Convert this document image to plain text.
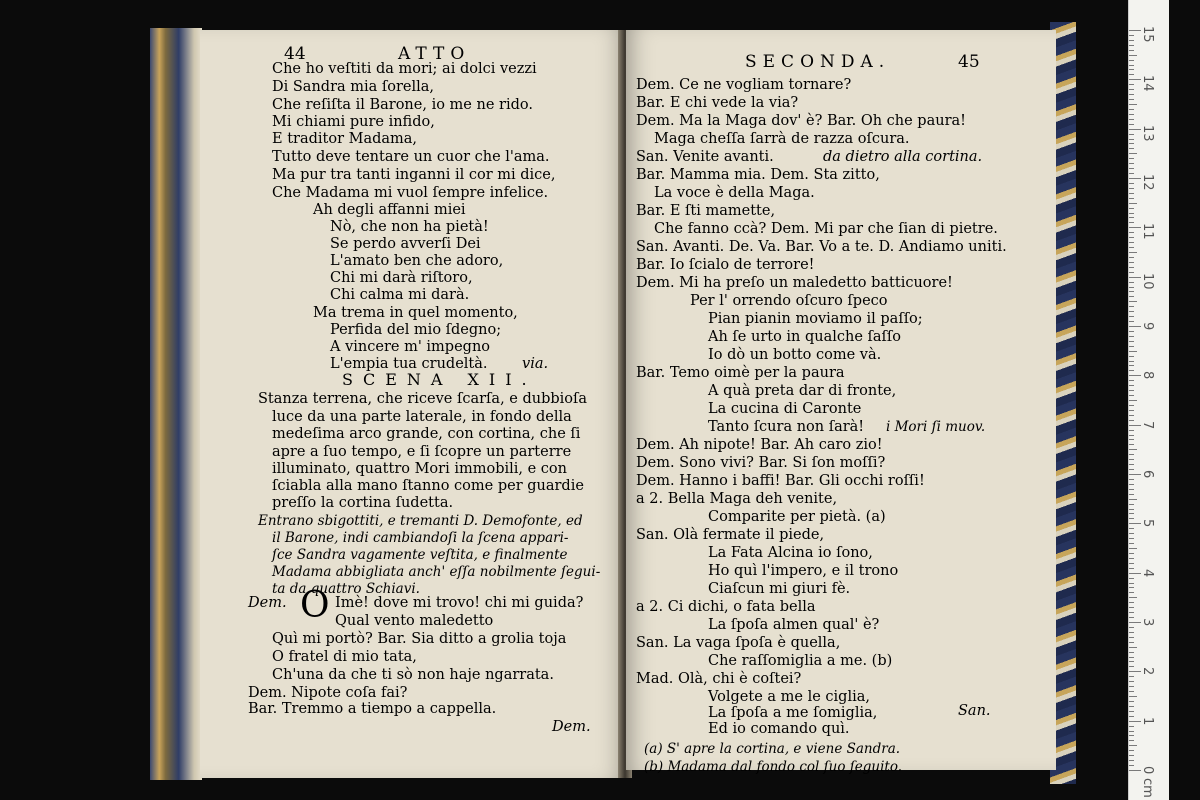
44	ATTO
Che ho veſtiti da mori; ai dolci vezzi
Di Sandra mia ſorella,
Che reſiſta il Barone, io me ne rido.
Mi chiami pure infido,
E traditor Madama,
Tutto deve tentare un cuor che l'ama.
Ma pur tra tanti inganni il cor mi dice,
Che Madama mi vuol ſempre infelice.
Ah degli affanni miei
Nò, che non ha pietà!
Se perdo avverſi Dei
L'amato ben che adoro,
Chi mi darà riſtoro,
Chi calma mi darà.
Ma trema in quel momento,
Perfida del mio ſdegno;
A vincere m' impegno
L'empia tua crudeltà. via.
SCENA XII.
Stanza terrena, che riceve ſcarſa, e dubbioſa
luce da una parte laterale, in fondo della
medeſima arco grande, con cortina, che ſi
apre a ſuo tempo, e ſi ſcopre un parterre
illuminato, quattro Mori immobili, e con
ſciabla alla mano ſtanno come per guardie
preſſo la cortina ſudetta.
Entrano sbigottiti, e tremanti D. Demofonte, ed
il Barone, indi cambiandoſi la ſcena appari-
ſce Sandra vagamente veſtita, e finalmente
Madama abbigliata anch' eſſa nobilmente ſegui-
ta da quattro Schiavi.
Dem. O Imè! dove mi trovo! chi mi guida?
Qual vento maledetto
Quì mi portò? Bar. Sia ditto a grolia toja
O fratel di mio tata,
Ch'una da che ti sò non haje ngarrata.
Dem. Nipote coſa fai?
Bar. Tremmo a tiempo a cappella.
Dem.
SECONDA.	45
Dem. Ce ne vogliam tornare?
Bar. E chi vede la via?
Dem. Ma la Maga dov' è? Bar. Oh che paura!
Maga cheſſa ſarrà de razza oſcura.
San. Venite avanti.	da dietro alla cortina.
Bar. Mamma mia. Dem. Sta zitto,
La voce è della Maga.
Bar. E ſti mamette,
Che fanno ccà? Dem. Mi par che ſian di pietre.
San. Avanti. De. Va. Bar. Vo a te. D. Andiamo uniti.
Bar. Io ſcialo de terrore!
Dem. Mi ha preſo un maledetto batticuore!
Per l' orrendo oſcuro ſpeco
Pian pianin moviamo il paſſo;
Ah ſe urto in qualche ſaſſo
Io dò un botto come và.
Bar. Temo oimè per la paura
A quà preta dar di fronte,
La cucina di Caronte
Tanto ſcura non ſarà! i Mori ſi muov.
Dem. Ah nipote! Bar. Ah caro zio!
Dem. Sono vivi? Bar. Si ſon moſſi?
Dem. Hanno i baffi! Bar. Gli occhi roſſi!
a 2. Bella Maga deh venite,
Comparite per pietà. (a)
San. Olà fermate il piede,
La Fata Alcina io ſono,
Ho quì l'impero, e il trono
Ciaſcun mi giuri fè.
a 2. Ci dichi, o fata bella
La ſpoſa almen qual' è?
San. La vaga ſpoſa è quella,
Che raſſomiglia a me. (b)
Mad. Olà, chi è coſtei?
Volgete a me le ciglia,
La ſpoſa a me ſomiglia,
Ed io comando quì.
San.
(a) S' apre la cortina, e viene Sandra.
(b) Madama dal fondo col ſuo ſeguito.	0
1
2
3
4
5
6
7
8
9
10
11
12
13
14
15
cm
